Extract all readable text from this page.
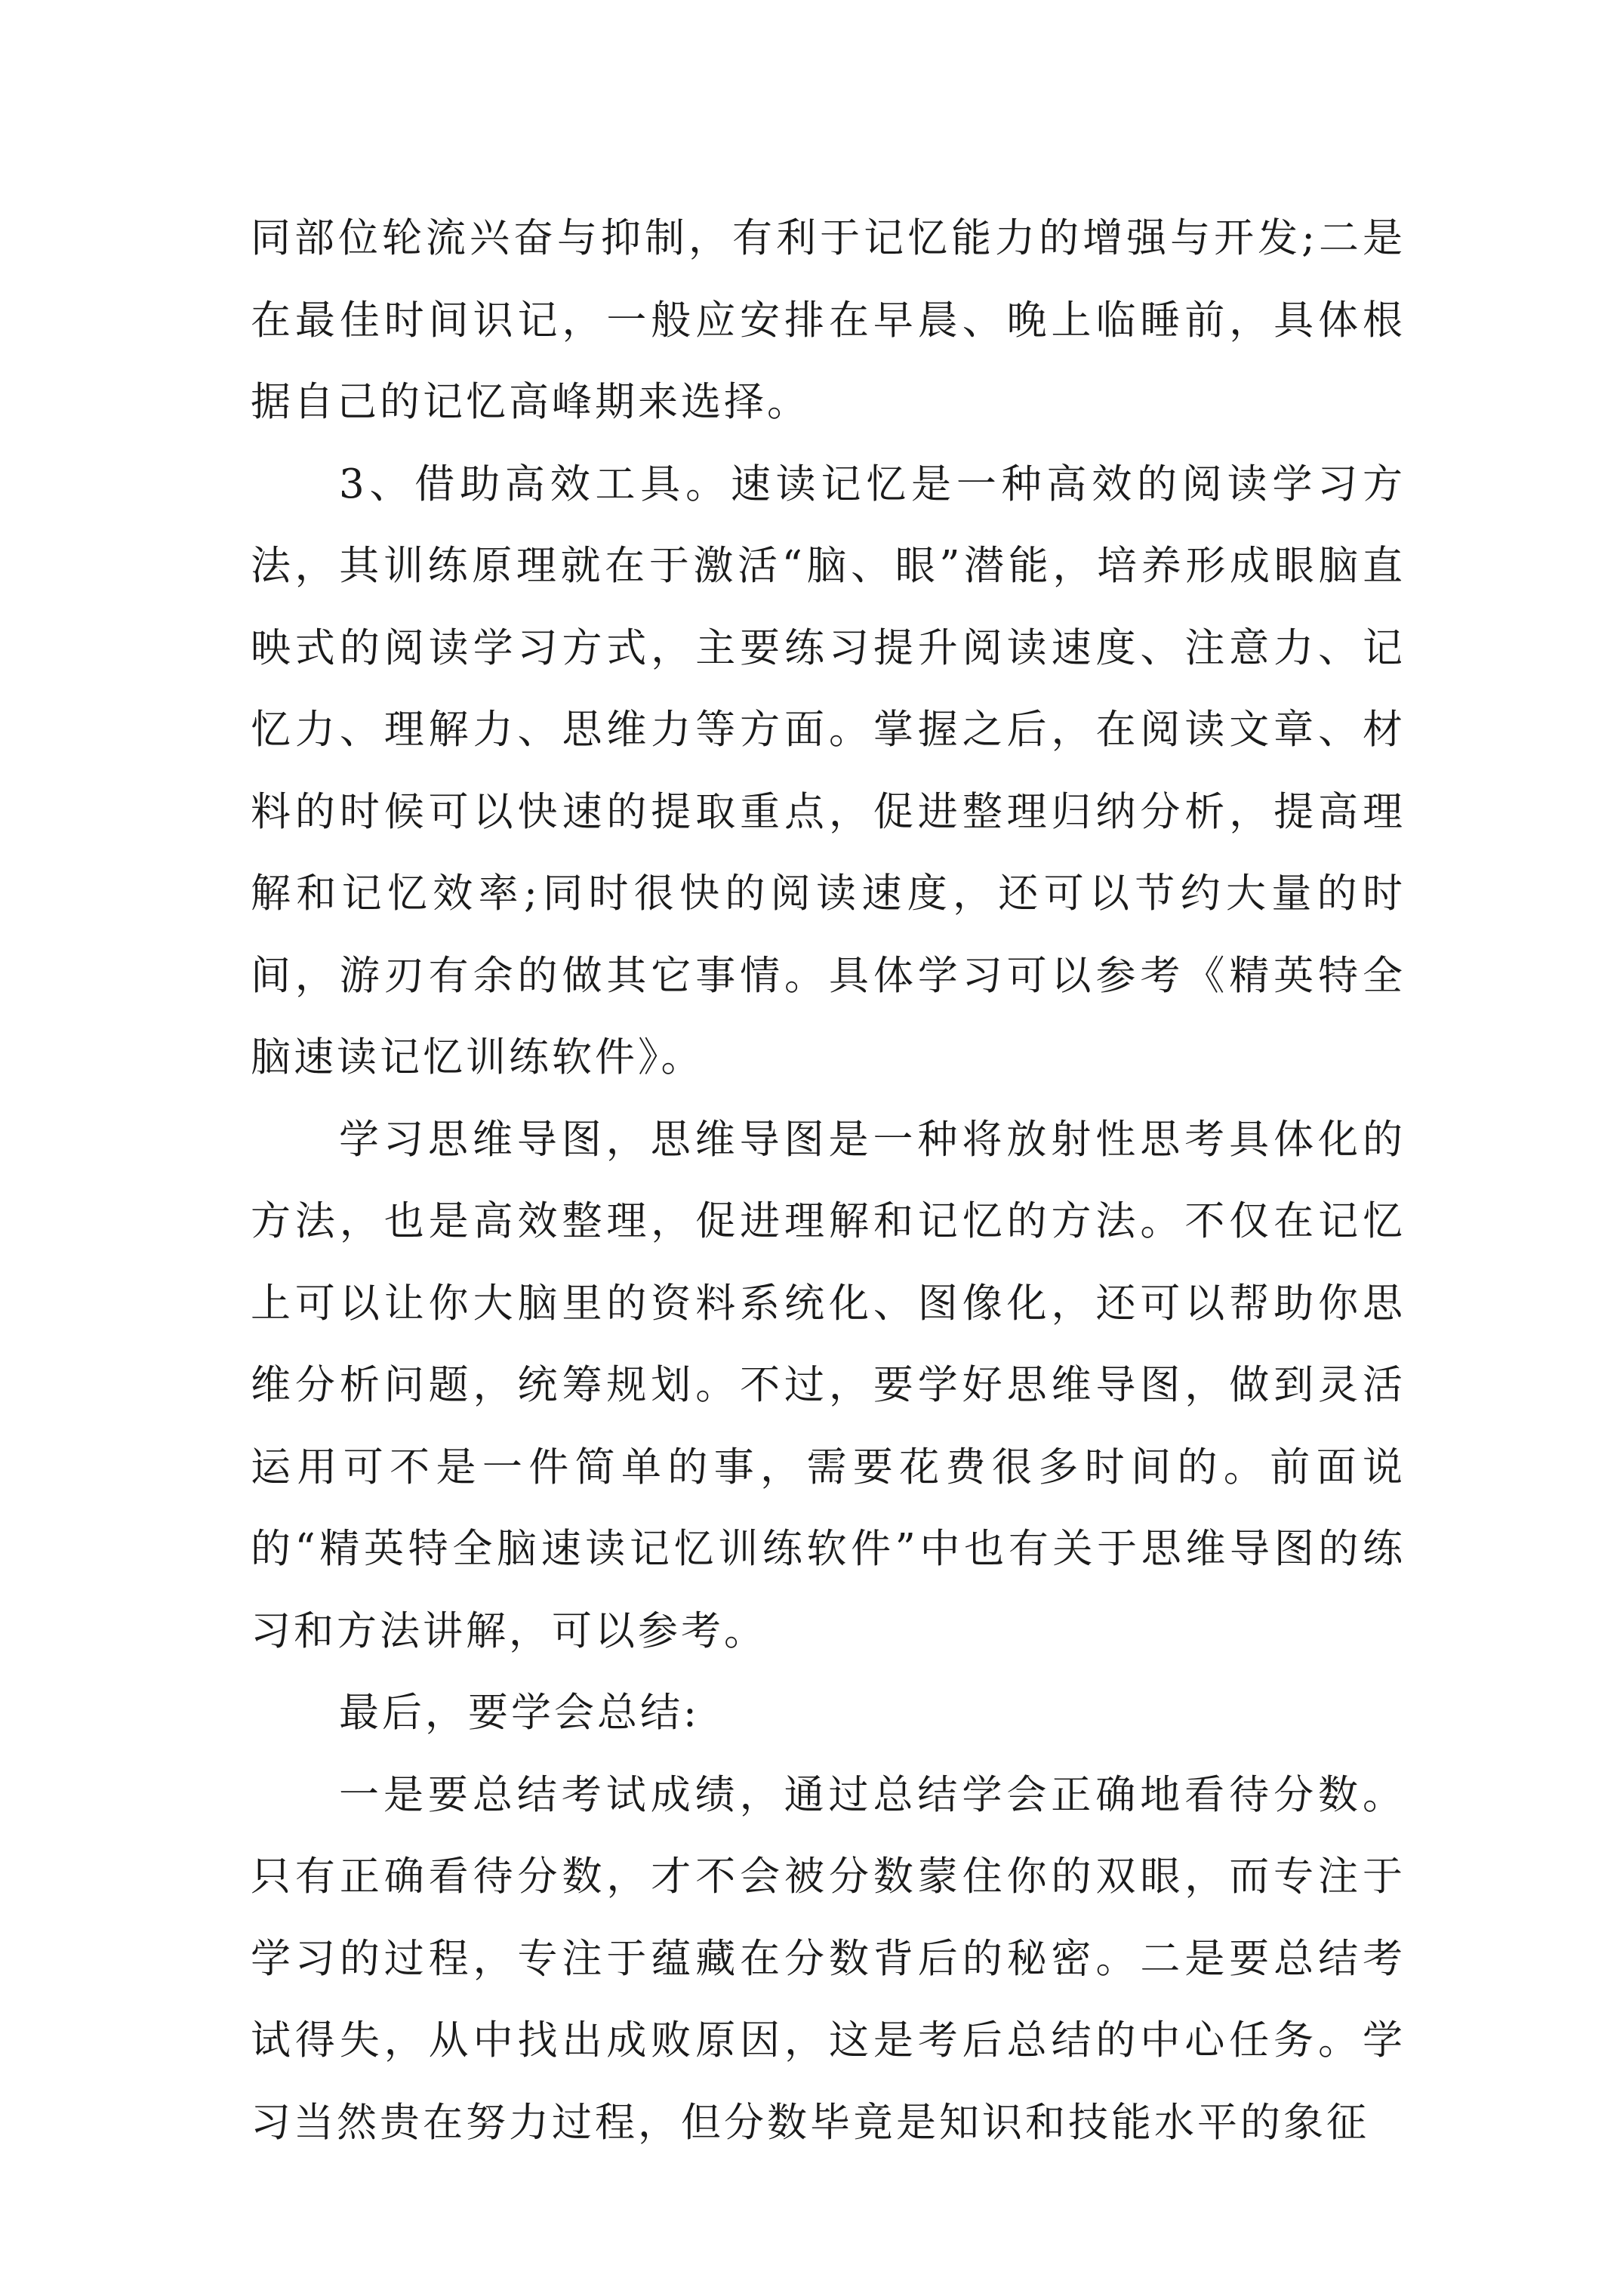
同部位轮流兴奋与抑制，有利于记忆能力的增强与开发;二是在最佳时间识记，一般应安排在早晨、晚上临睡前，具体根据自己的记忆高峰期来选择。

3、借助高效工具。速读记忆是一种高效的阅读学习方法，其训练原理就在于激活“脑、眼”潜能，培养形成眼脑直映式的阅读学习方式，主要练习提升阅读速度、注意力、记忆力、理解力、思维力等方面。掌握之后，在阅读文章、材料的时候可以快速的提取重点，促进整理归纳分析，提高理解和记忆效率;同时很快的阅读速度，还可以节约大量的时间，游刃有余的做其它事情。具体学习可以参考《精英特全脑速读记忆训练软件》。

学习思维导图，思维导图是一种将放射性思考具体化的方法，也是高效整理，促进理解和记忆的方法。不仅在记忆上可以让你大脑里的资料系统化、图像化，还可以帮助你思维分析问题，统筹规划。不过，要学好思维导图，做到灵活运用可不是一件简单的事，需要花费很多时间的。前面说的“精英特全脑速读记忆训练软件”中也有关于思维导图的练习和方法讲解，可以参考。

最后，要学会总结:

一是要总结考试成绩，通过总结学会正确地看待分数。只有正确看待分数，才不会被分数蒙住你的双眼，而专注于学习的过程，专注于蕴藏在分数背后的秘密。二是要总结考试得失，从中找出成败原因，这是考后总结的中心任务。学习当然贵在努力过程，但分数毕竟是知识和技能水平的象征
